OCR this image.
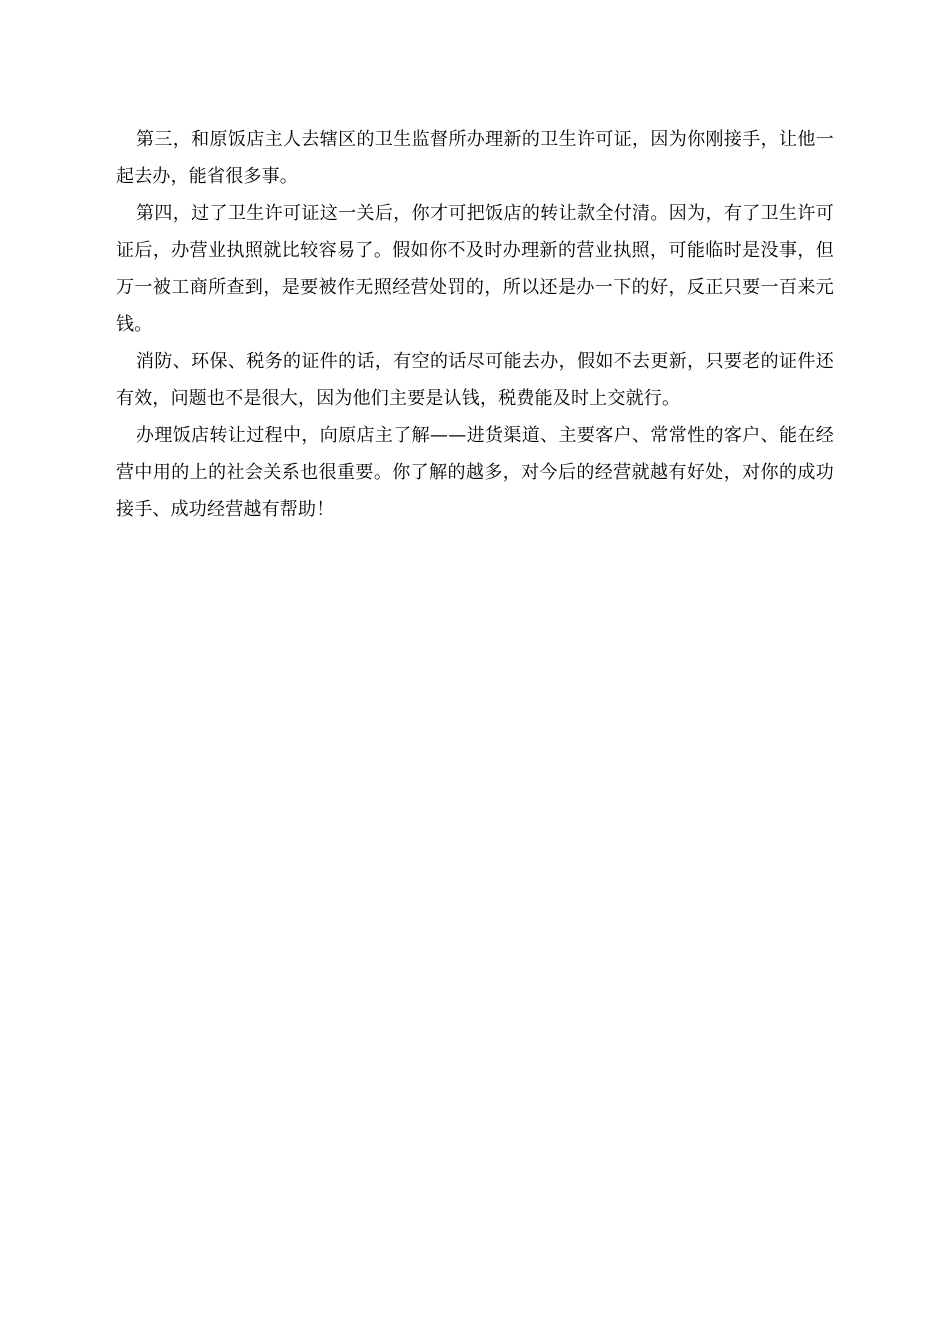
第三，和原饭店主人去辖区的卫生监督所办理新的卫生许可证，因为你刚接手，让他一起去办，能省很多事。

第四，过了卫生许可证这一关后，你才可把饭店的转让款全付清。因为，有了卫生许可证后，办营业执照就比较容易了。假如你不及时办理新的营业执照，可能临时是没事，但万一被工商所查到，是要被作无照经营处罚的，所以还是办一下的好，反正只要一百来元钱。

消防、环保、税务的证件的话，有空的话尽可能去办，假如不去更新，只要老的证件还有效，问题也不是很大，因为他们主要是认钱，税费能及时上交就行。

办理饭店转让过程中，向原店主了解——进货渠道、主要客户、常常性的客户、能在经营中用的上的社会关系也很重要。你了解的越多，对今后的经营就越有好处，对你的成功接手、成功经营越有帮助！
